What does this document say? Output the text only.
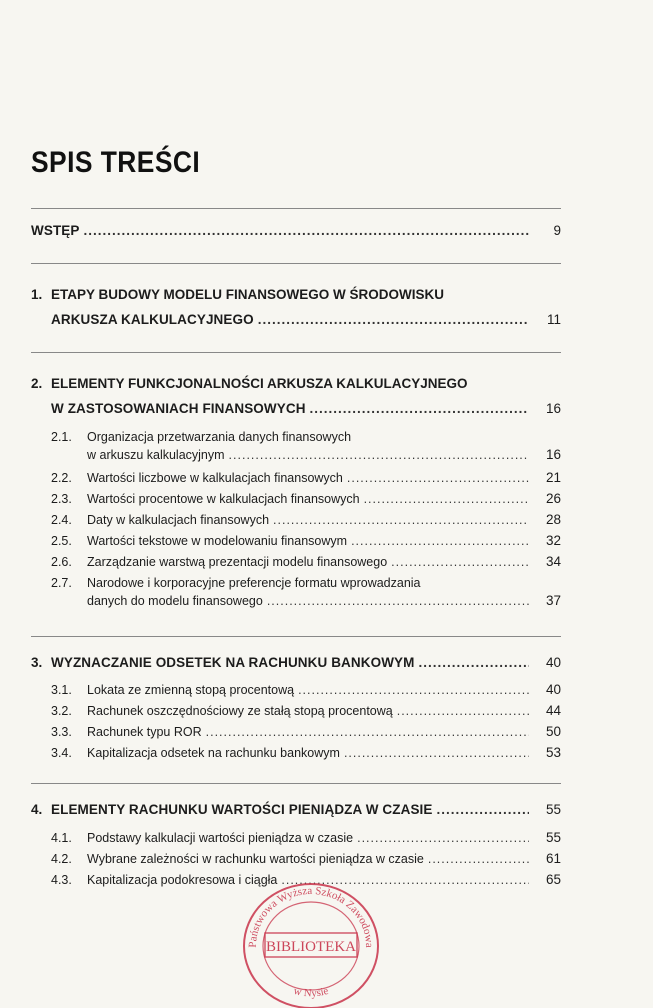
SPIS TREŚCI
WSTĘP .....	9
1. ETAPY BUDOWY MODELU FINANSOWEGO W ŚRODOWISKU
ARKUSZA KALKULACYJNEGO .....	11
2. ELEMENTY FUNKCJONALNOŚCI ARKUSZA KALKULACYJNEGO
W ZASTOSOWANIACH FINANSOWYCH .....	16
2.1. Organizacja przetwarzania danych finansowych
w arkuszu kalkulacyjnym .....	16
2.2. Wartości liczbowe w kalkulacjach finansowych .....	21
2.3. Wartości procentowe w kalkulacjach finansowych .....	26
2.4. Daty w kalkulacjach finansowych .....	28
2.5. Wartości tekstowe w modelowaniu finansowym .....	32
2.6. Zarządzanie warstwą prezentacji modelu finansowego .....	34
2.7. Narodowe i korporacyjne preferencje formatu wprowadzania
danych do modelu finansowego .....	37
3. WYZNACZANIE ODSETEK NA RACHUNKU BANKOWYM .....	40
3.1. Lokata ze zmienną stopą procentową .....	40
3.2. Rachunek oszczędnościowy ze stałą stopą procentową .....	44
3.3. Rachunek typu ROR .....	50
3.4. Kapitalizacja odsetek na rachunku bankowym .....	53
4. ELEMENTY RACHUNKU WARTOŚCI PIENIĄDZA W CZASIE .....	55
4.1. Podstawy kalkulacji wartości pieniądza w czasie .....	55
4.2. Wybrane zależności w rachunku wartości pieniądza w czasie .....	61
4.3. Kapitalizacja podokresowa i ciągła .....	65
BIBLIOTEKA
Państwowa Wyższa Szkoła Zawodowa
w Nysie
